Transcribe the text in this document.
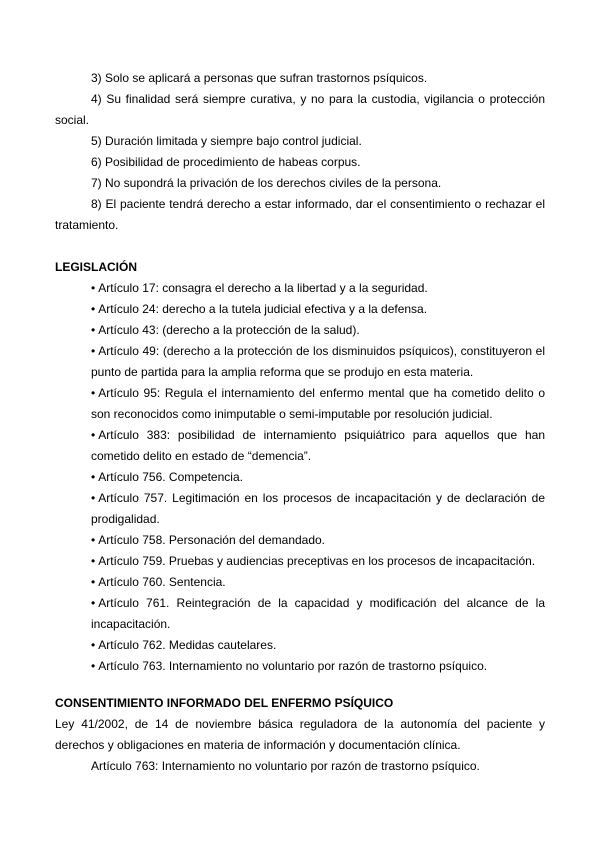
3) Solo se aplicará a personas que sufran trastornos psíquicos.

4) Su finalidad será siempre curativa, y no para la custodia, vigilancia o protección social.

5) Duración limitada y siempre bajo control judicial.

6) Posibilidad de procedimiento de habeas corpus.

7) No supondrá la privación de los derechos civiles de la persona.

8) El paciente tendrá derecho a estar informado, dar el consentimiento o rechazar el tratamiento.

LEGISLACIÓN

• Artículo 17: consagra el derecho a la libertad y a la seguridad.
• Artículo 24: derecho a la tutela judicial efectiva y a la defensa.
• Artículo 43: (derecho a la protección de la salud).
• Artículo 49: (derecho a la protección de los disminuidos psíquicos), constituyeron el punto de partida para la amplia reforma que se produjo en esta materia.
• Artículo 95: Regula el internamiento del enfermo mental que ha cometido delito o son reconocidos como inimputable o semi-imputable por resolución judicial.
• Artículo 383: posibilidad de internamiento psiquiátrico para aquellos que han cometido delito en estado de “demencia”.
• Artículo 756. Competencia.
• Artículo 757. Legitimación en los procesos de incapacitación y de declaración de prodigalidad.
• Artículo 758. Personación del demandado.
• Artículo 759. Pruebas y audiencias preceptivas en los procesos de incapacitación.
• Artículo 760. Sentencia.
• Artículo 761. Reintegración de la capacidad y modificación del alcance de la incapacitación.
• Artículo 762. Medidas cautelares.
• Artículo 763. Internamiento no voluntario por razón de trastorno psíquico.

CONSENTIMIENTO INFORMADO DEL ENFERMO PSÍQUICO

Ley 41/2002, de 14 de noviembre básica reguladora de la autonomía del paciente y derechos y obligaciones en materia de información y documentación clínica.

Artículo 763: Internamiento no voluntario por razón de trastorno psíquico.
